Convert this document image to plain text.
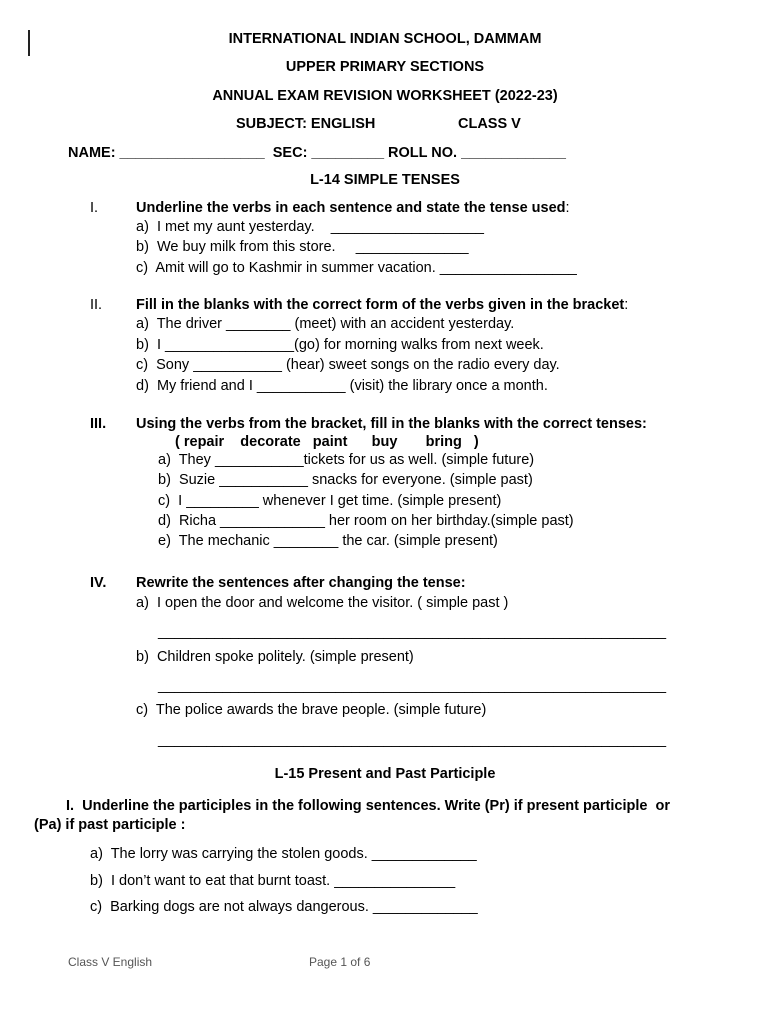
INTERNATIONAL INDIAN SCHOOL, DAMMAM
UPPER PRIMARY SECTIONS
ANNUAL EXAM REVISION WORKSHEET (2022-23)
SUBJECT: ENGLISH	CLASS V
NAME: __________________  SEC: _________ ROLL NO. _____________
L-14 SIMPLE TENSES
I.	Underline the verbs in each sentence and state the tense used:
a)  I met my aunt yesterday.    ___________________
b)  We buy milk from this store.     ______________
c)  Amit will go to Kashmir in summer vacation. _________________
II. Fill in the blanks with the correct form of the verbs given in the bracket:
a)  The driver ________ (meet) with an accident yesterday.
b)  I ________________(go) for morning walks from next week.
c)  Sony ___________ (hear) sweet songs on the radio every day.
d)  My friend and I ___________ (visit) the library once a month.
III. Using the verbs from the bracket, fill in the blanks with the correct tenses:
( repair    decorate   paint      buy       bring   )
a)  They ___________tickets for us as well. (simple future)
b)  Suzie ___________ snacks for everyone. (simple past)
c)  I _________ whenever I get time. (simple present)
d)  Richa _____________ her room on her birthday.(simple past)
e)  The mechanic ________ the car. (simple present)
IV. Rewrite the sentences after changing the tense:
a)  I open the door and welcome the visitor. ( simple past )
_______________________________________________________________
b)  Children spoke politely. (simple present)
_______________________________________________________________
c)  The police awards the brave people. (simple future)
_______________________________________________________________
L-15 Present and Past Participle
I.  Underline the participles in the following sentences. Write (Pr) if present participle  or
(Pa) if past participle :
a)  The lorry was carrying the stolen goods. _____________
b)  I don’t want to eat that burnt toast. _______________
c)  Barking dogs are not always dangerous. _____________
Class V English	Page 1 of 6
